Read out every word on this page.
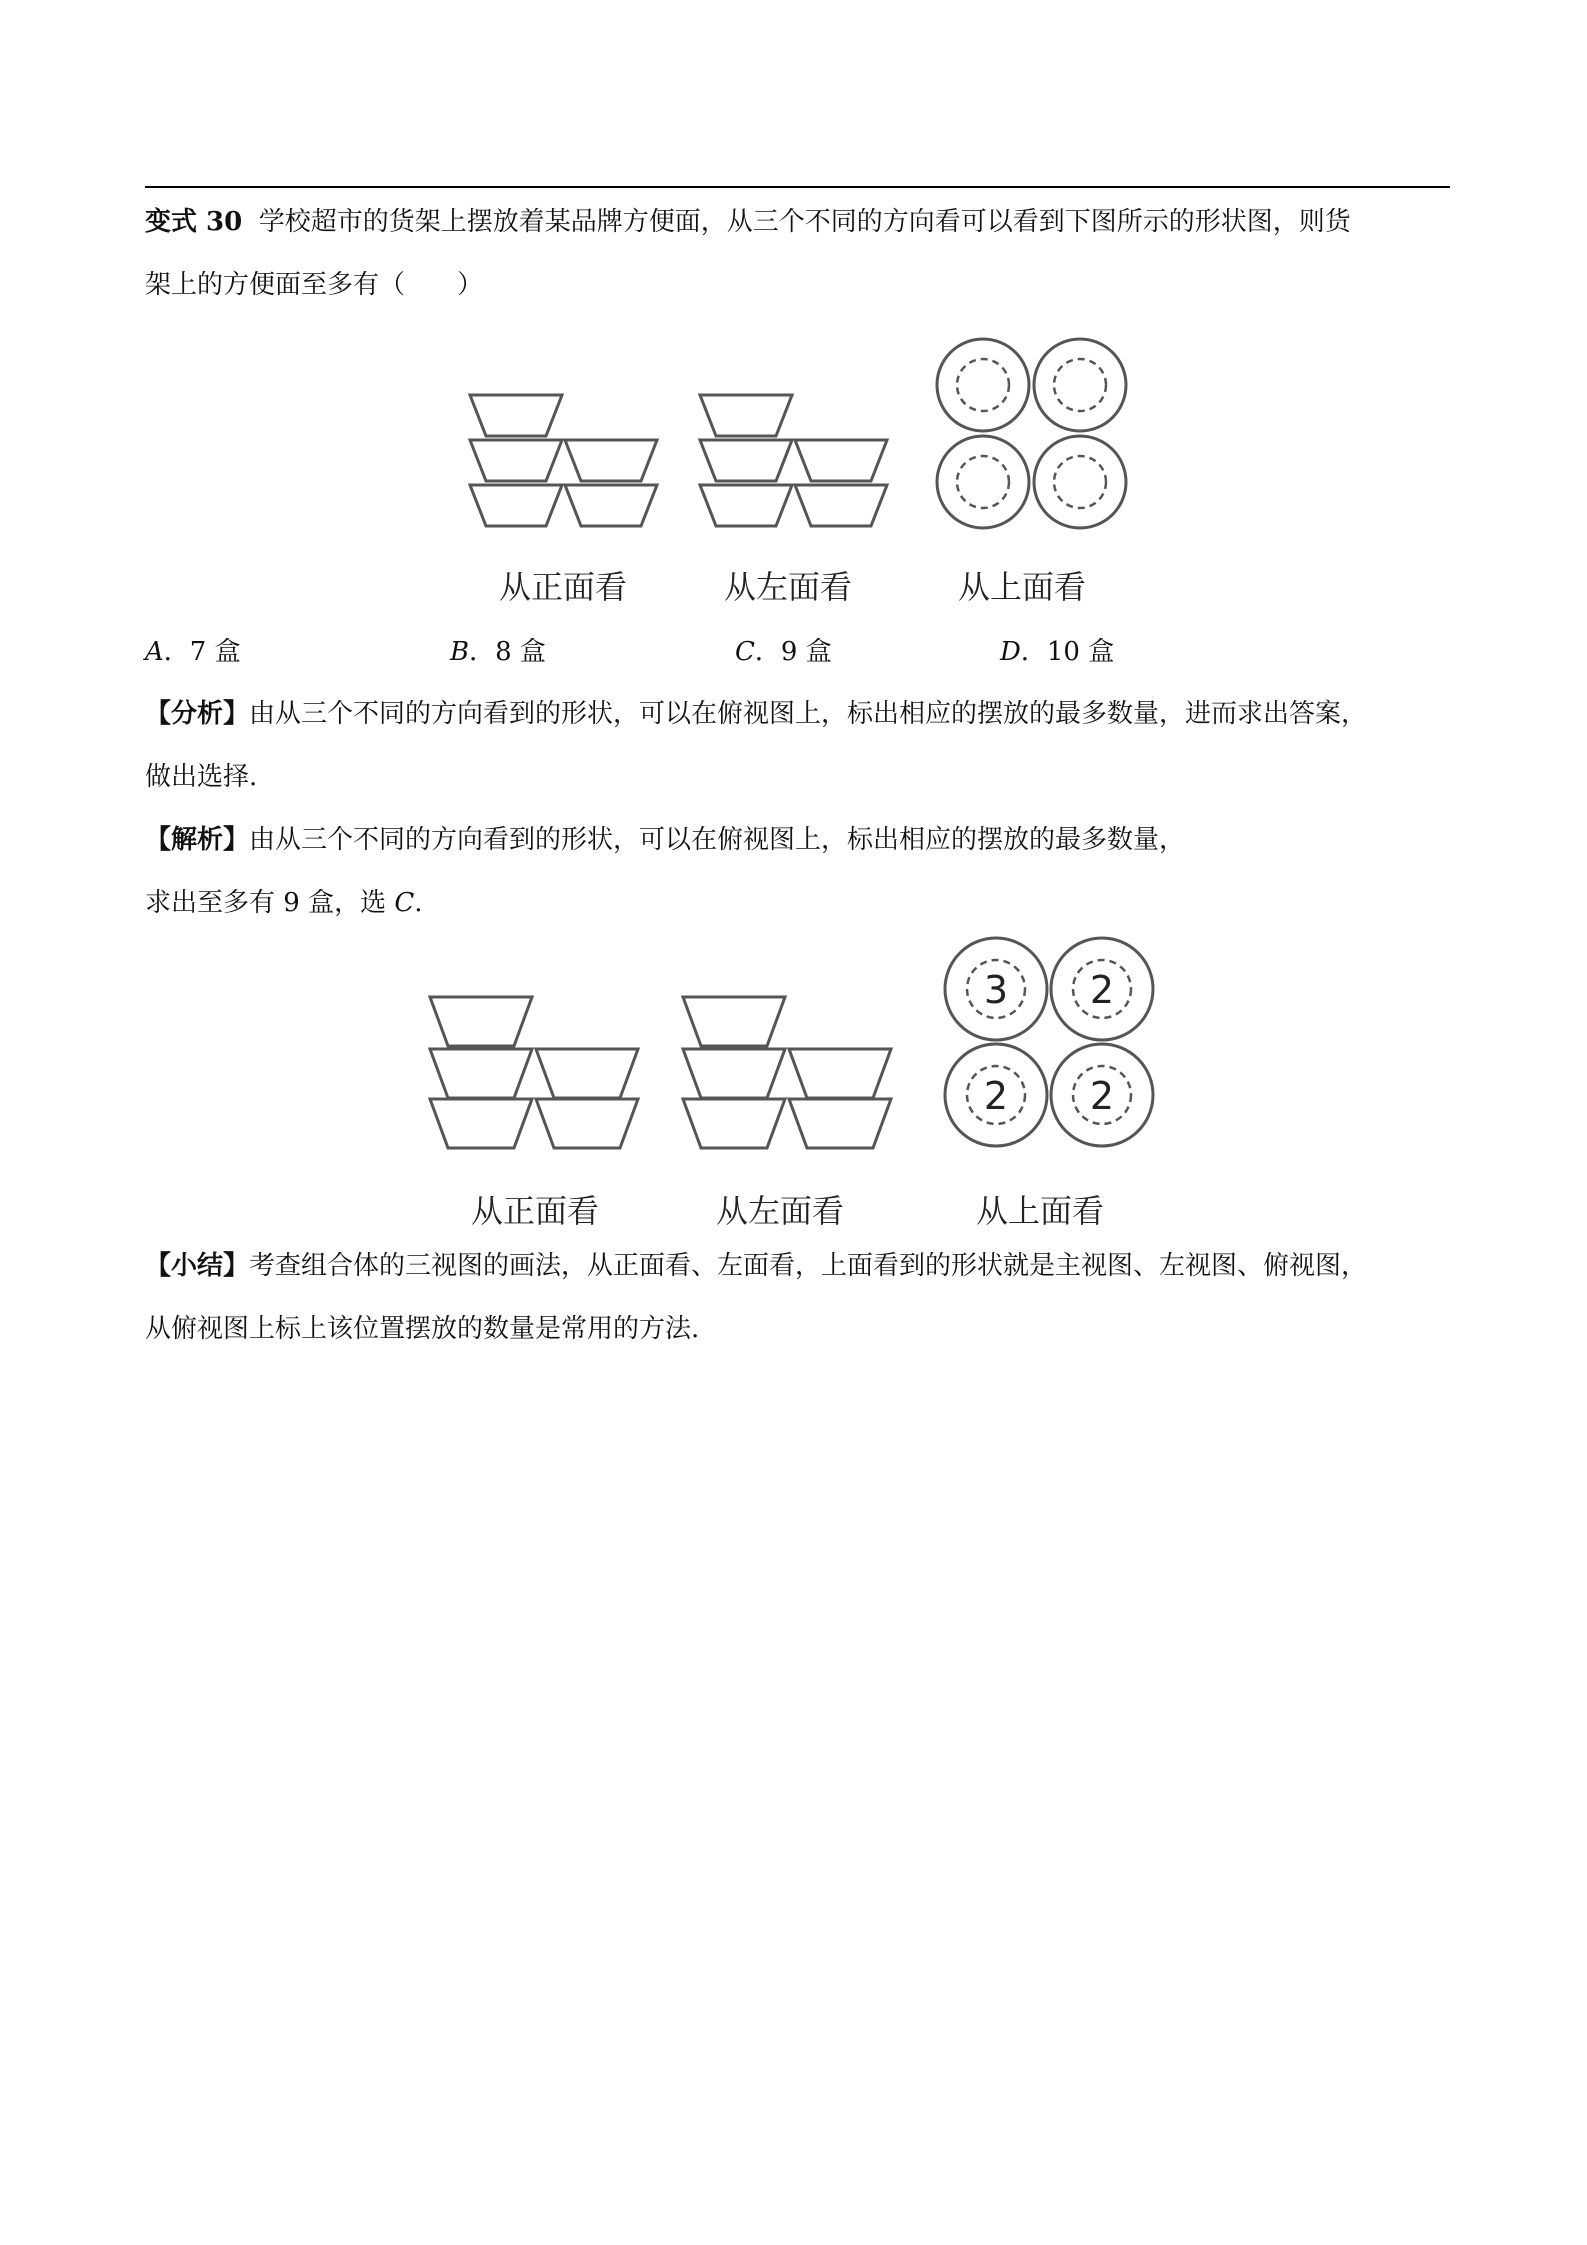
变式 30 学校超市的货架上摆放着某品牌方便面，从三个不同的方向看可以看到下图所示的形状图，则货
架上的方便面至多有（　　）
从正面看	从左面看	从上面看
3 2
2 2
从正面看	从左面看	从上面看
A．7 盒	B．8 盒	C．9 盒	D．10 盒
【分析】由从三个不同的方向看到的形状，可以在俯视图上，标出相应的摆放的最多数量，进而求出答案，
做出选择.
【解析】由从三个不同的方向看到的形状，可以在俯视图上，标出相应的摆放的最多数量，
求出至多有 9 盒，选 C.
【小结】考查组合体的三视图的画法，从正面看、左面看，上面看到的形状就是主视图、左视图、俯视图，
从俯视图上标上该位置摆放的数量是常用的方法.
